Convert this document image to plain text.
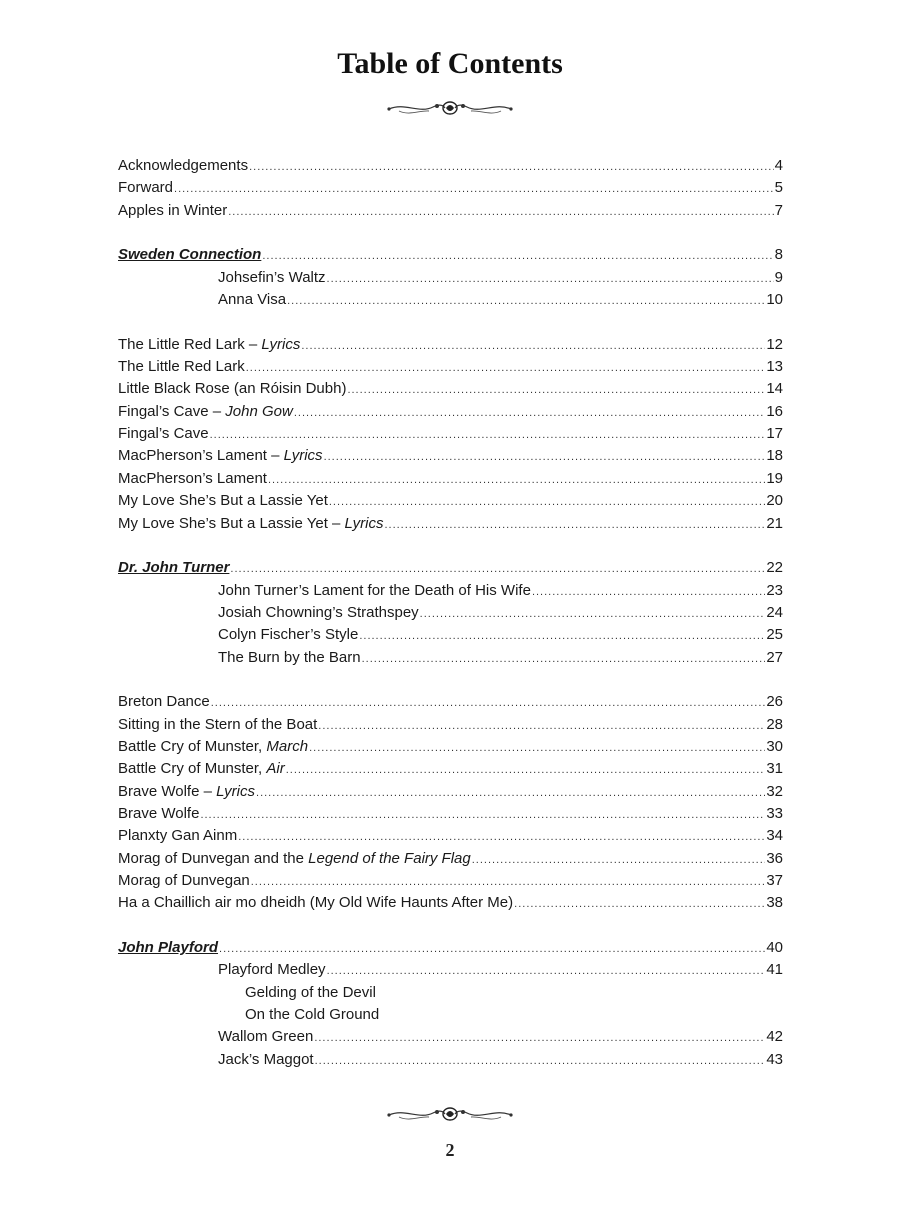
Table of Contents
Acknowledgements .....	4
Forward .....	5
Apples in Winter .....	7
Sweden Connection .....	8
Johsefin’s Waltz .....	9
Anna Visa .....	10
The Little Red Lark – Lyrics .....	12
The Little Red Lark .....	13
Little Black Rose (an Róisin Dubh) .....	14
Fingal’s Cave – John Gow .....	16
Fingal’s Cave .....	17
MacPherson’s Lament – Lyrics .....	18
MacPherson’s Lament .....	19
My Love She’s But a Lassie Yet .....	20
My Love She’s But a Lassie Yet – Lyrics .....	21
Dr. John Turner .....	22
John Turner’s Lament for the Death of His Wife .....	23
Josiah Chowning’s Strathspey .....	24
Colyn Fischer’s Style .....	25
The Burn by the Barn .....	27
Breton Dance .....	26
Sitting in the Stern of the Boat .....	28
Battle Cry of Munster, March .....	30
Battle Cry of Munster, Air .....	31
Brave Wolfe – Lyrics .....	32
Brave Wolfe .....	33
Planxty Gan Ainm .....	34
Morag of Dunvegan and the Legend of the Fairy Flag .....	36
Morag of Dunvegan .....	37
Ha a Chaillich air mo dheidh (My Old Wife Haunts After Me) .....	38
John Playford .....	40
Playford Medley .....	41
Gelding of the Devil
On the Cold Ground
Wallom Green .....	42
Jack’s Maggot .....	43
2
